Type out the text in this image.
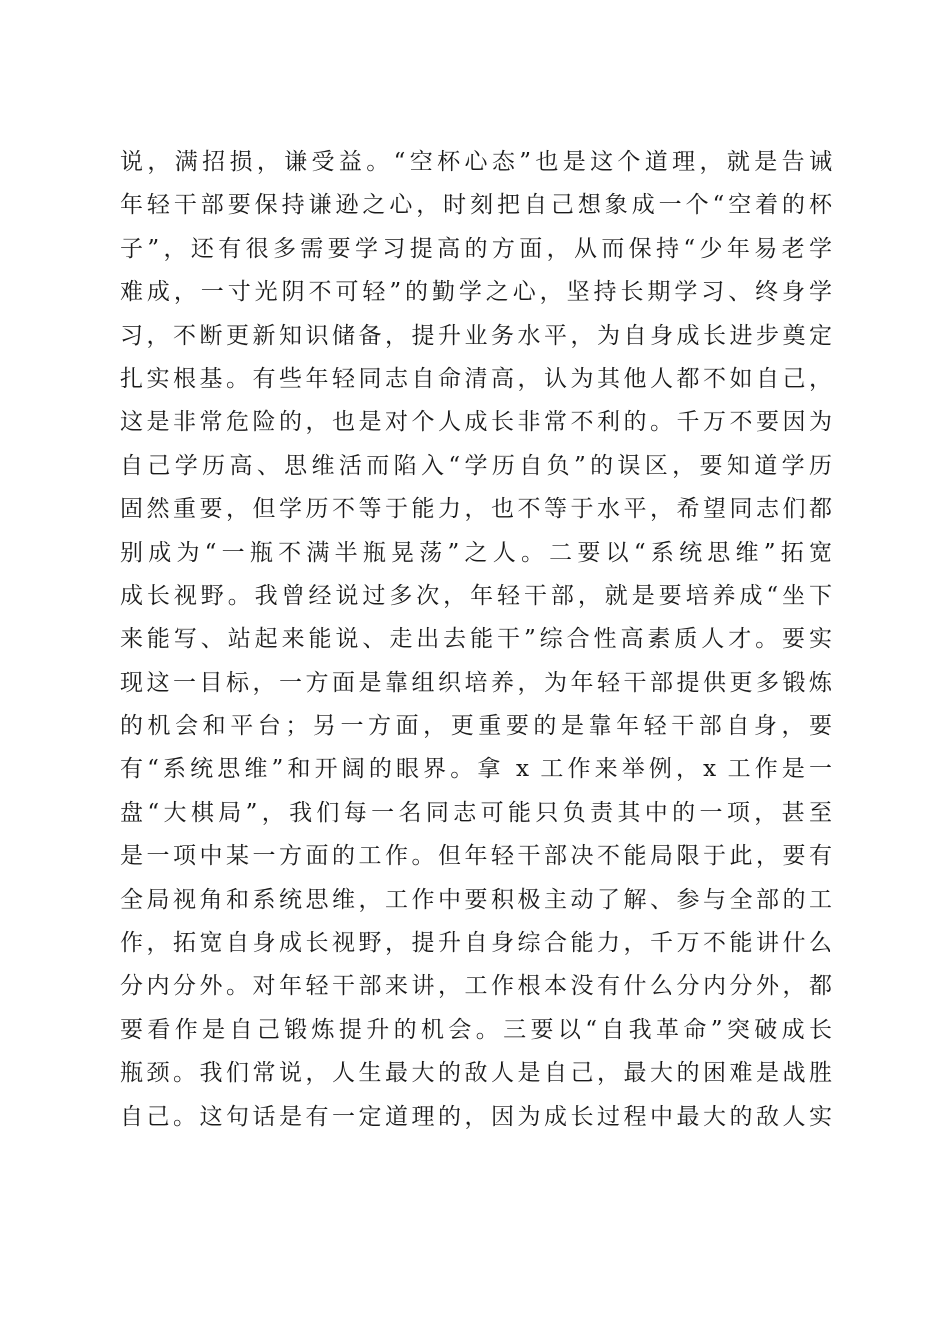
说，满招损，谦受益。“空杯心态”也是这个道理，就是告诫
年轻干部要保持谦逊之心，时刻把自己想象成一个“空着的杯
子”，还有很多需要学习提高的方面，从而保持“少年易老学
难成，一寸光阴不可轻”的勤学之心，坚持长期学习、终身学
习，不断更新知识储备，提升业务水平，为自身成长进步奠定
扎实根基。有些年轻同志自命清高，认为其他人都不如自己，
这是非常危险的，也是对个人成长非常不利的。千万不要因为
自己学历高、思维活而陷入“学历自负”的误区，要知道学历
固然重要，但学历不等于能力，也不等于水平，希望同志们都
别成为“一瓶不满半瓶晃荡”之人。二要以“系统思维”拓宽
成长视野。我曾经说过多次，年轻干部，就是要培养成“坐下
来能写、站起来能说、走出去能干”综合性高素质人才。要实
现这一目标，一方面是靠组织培养，为年轻干部提供更多锻炼
的机会和平台；另一方面，更重要的是靠年轻干部自身，要
有“系统思维”和开阔的眼界。拿 x 工作来举例，x 工作是一
盘“大棋局”，我们每一名同志可能只负责其中的一项，甚至
是一项中某一方面的工作。但年轻干部决不能局限于此，要有
全局视角和系统思维，工作中要积极主动了解、参与全部的工
作，拓宽自身成长视野，提升自身综合能力，千万不能讲什么
分内分外。对年轻干部来讲，工作根本没有什么分内分外，都
要看作是自己锻炼提升的机会。三要以“自我革命”突破成长
瓶颈。我们常说，人生最大的敌人是自己，最大的困难是战胜
自己。这句话是有一定道理的，因为成长过程中最大的敌人实
